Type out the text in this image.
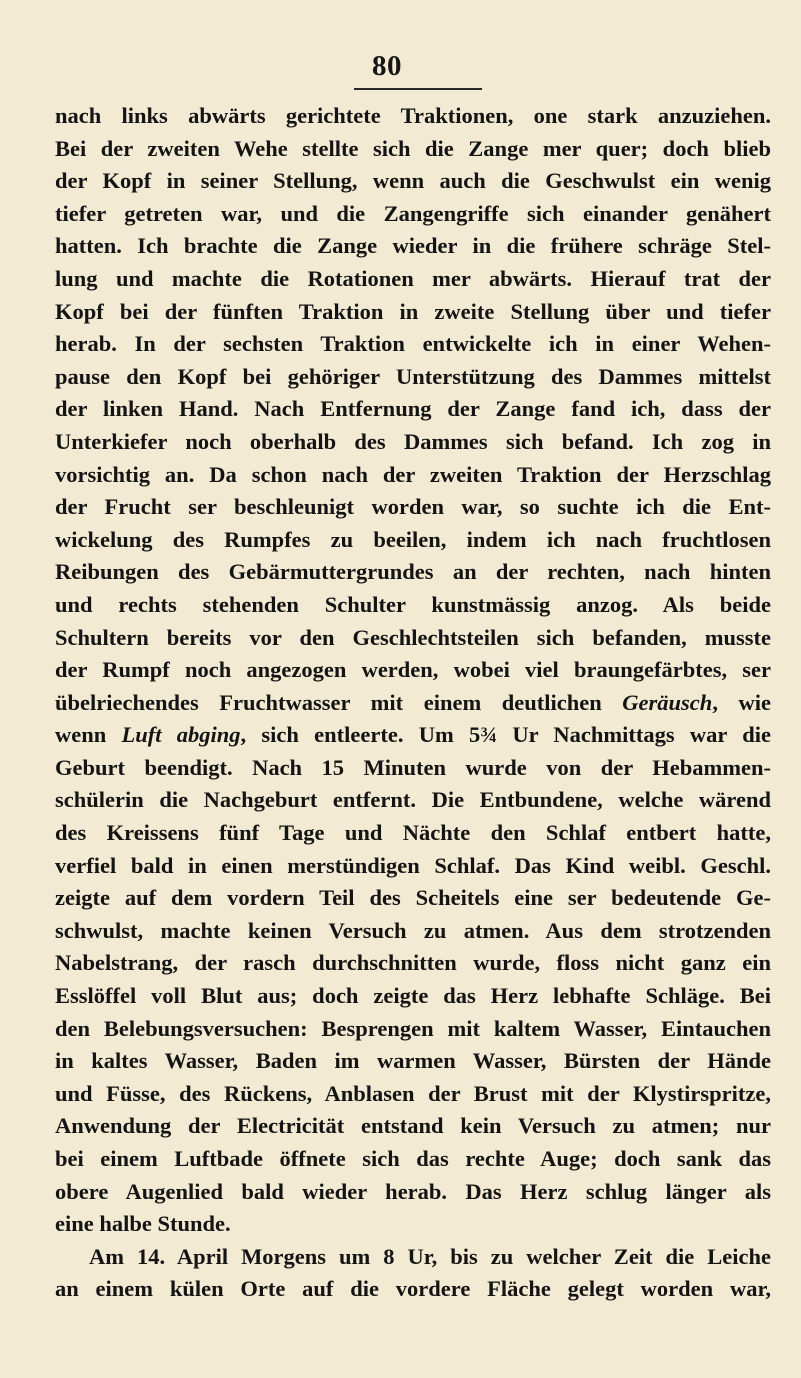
80
nach links abwärts gerichtete Traktionen, one stark anzuziehen.
Bei der zweiten Wehe stellte sich die Zange mer quer; doch blieb
der Kopf in seiner Stellung, wenn auch die Geschwulst ein wenig
tiefer getreten war, und die Zangengriffe sich einander genähert
hatten. Ich brachte die Zange wieder in die frühere schräge Stel-
lung und machte die Rotationen mer abwärts. Hierauf trat der
Kopf bei der fünften Traktion in zweite Stellung über und tiefer
herab. In der sechsten Traktion entwickelte ich in einer Wehen-
pause den Kopf bei gehöriger Unterstützung des Dammes mittelst
der linken Hand. Nach Entfernung der Zange fand ich, dass der
Unterkiefer noch oberhalb des Dammes sich befand. Ich zog in
vorsichtig an. Da schon nach der zweiten Traktion der Herzschlag
der Frucht ser beschleunigt worden war, so suchte ich die Ent-
wickelung des Rumpfes zu beeilen, indem ich nach fruchtlosen
Reibungen des Gebärmuttergrundes an der rechten, nach hinten
und rechts stehenden Schulter kunstmässig anzog. Als beide
Schultern bereits vor den Geschlechtsteilen sich befanden, musste
der Rumpf noch angezogen werden, wobei viel braungefärbtes, ser
übelriechendes Fruchtwasser mit einem deutlichen Geräusch, wie
wenn Luft abging, sich entleerte. Um 5¾ Ur Nachmittags war die
Geburt beendigt. Nach 15 Minuten wurde von der Hebammen-
schülerin die Nachgeburt entfernt. Die Entbundene, welche wärend
des Kreissens fünf Tage und Nächte den Schlaf entbert hatte,
verfiel bald in einen merstündigen Schlaf. Das Kind weibl. Geschl.
zeigte auf dem vordern Teil des Scheitels eine ser bedeutende Ge-
schwulst, machte keinen Versuch zu atmen. Aus dem strotzenden
Nabelstrang, der rasch durchschnitten wurde, floss nicht ganz ein
Esslöffel voll Blut aus; doch zeigte das Herz lebhafte Schläge. Bei
den Belebungsversuchen: Besprengen mit kaltem Wasser, Eintauchen
in kaltes Wasser, Baden im warmen Wasser, Bürsten der Hände
und Füsse, des Rückens, Anblasen der Brust mit der Klystirspritze,
Anwendung der Electricität entstand kein Versuch zu atmen; nur
bei einem Luftbade öffnete sich das rechte Auge; doch sank das
obere Augenlied bald wieder herab. Das Herz schlug länger als
eine halbe Stunde.
Am 14. April Morgens um 8 Ur, bis zu welcher Zeit die Leiche
an einem külen Orte auf die vordere Fläche gelegt worden war,
